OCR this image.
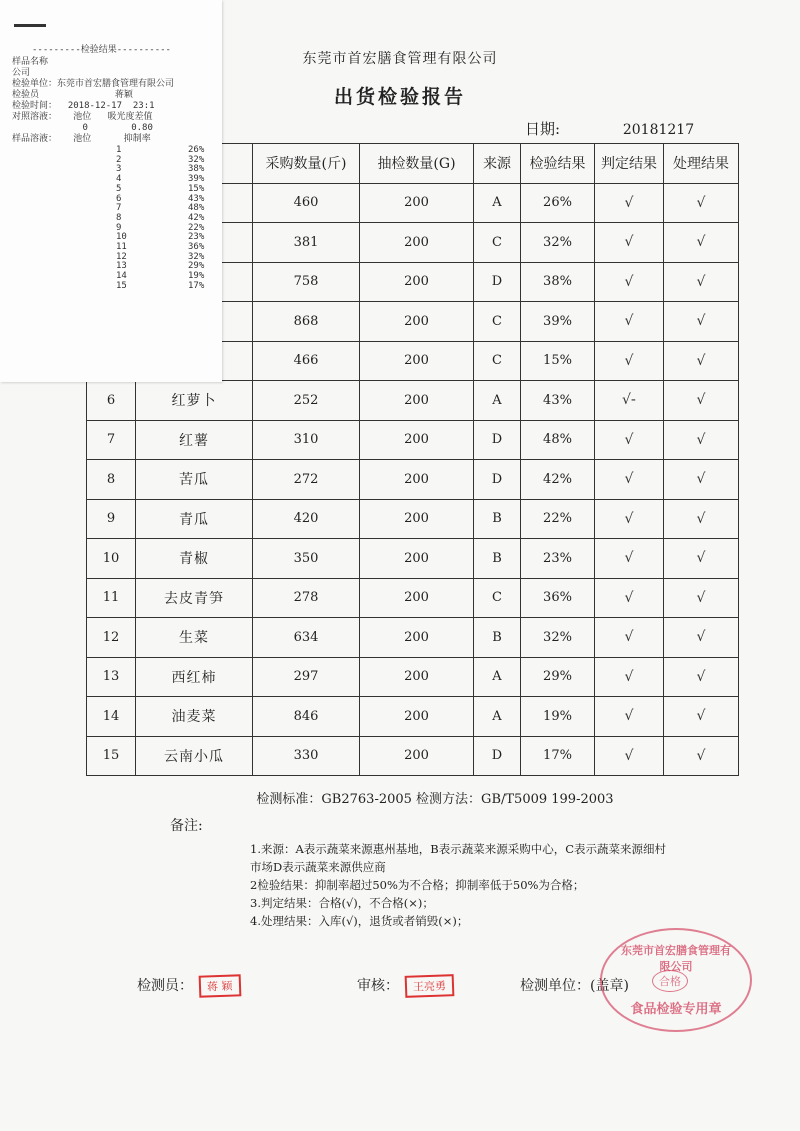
东莞市首宏膳食管理有限公司
出货检验报告
日期:	20181217
		采购数量(斤)	抽检数量(G)	来源	检验结果	判定结果	处理结果
		460	200	A	26%	√	√
		381	200	C	32%	√	√
		758	200	D	38%	√	√
		868	200	C	39%	√	√
		466	200	C	15%	√	√
6	红萝卜	252	200	A	43%	√-	√
7	红薯	310	200	D	48%	√	√
8	苦瓜	272	200	D	42%	√	√
9	青瓜	420	200	B	22%	√	√
10	青椒	350	200	B	23%	√	√
11	去皮青笋	278	200	C	36%	√	√
12	生菜	634	200	B	32%	√	√
13	西红柿	297	200	A	29%	√	√
14	油麦菜	846	200	A	19%	√	√
15	云南小瓜	330	200	D	17%	√	√
检测标准：GB2763-2005 检测方法：GB/T5009 199-2003
备注:
1.来源：A表示蔬菜来源惠州基地，B表示蔬菜来源采购中心，C表示蔬菜来源细村
市场D表示蔬菜来源供应商
2检验结果：抑制率超过50%为不合格；抑制率低于50%为合格；
3.判定结果：合格(√)，不合格(×)；
4.处理结果：入库(√)，退货或者销毁(×)；
检测员： 蒋 颖	审核： 王亮勇	检测单位：(盖章)
东莞市首宏膳食管理有限公司
合格
食品检验专用章
---------检验结果----------
样品名称
公司
检验单位：东莞市首宏膳食管理有限公司
检验员              蒋颖
检验时间：  2018-12-17  23:1
对照溶液：   池位   吸光度差值
0        0.80
样品溶液：   池位      抑制率
1	26%
2	32%
3	38%
4	39%
5	15%
6	43%
7	48%
8	42%
9	22%
10	23%
11	36%
12	32%
13	29%
14	19%
15	17%
